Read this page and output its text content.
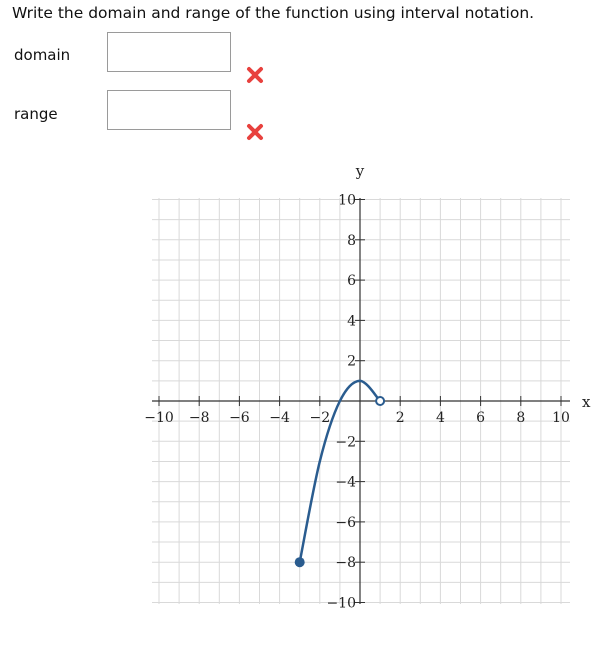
Write the domain and range of the function using interval notation.
domain
range
−10 −8 −6 −4 −2	2 4 6 8 10
10
8
6
4
2
−2
−4
−6
−8
−10
x
y
